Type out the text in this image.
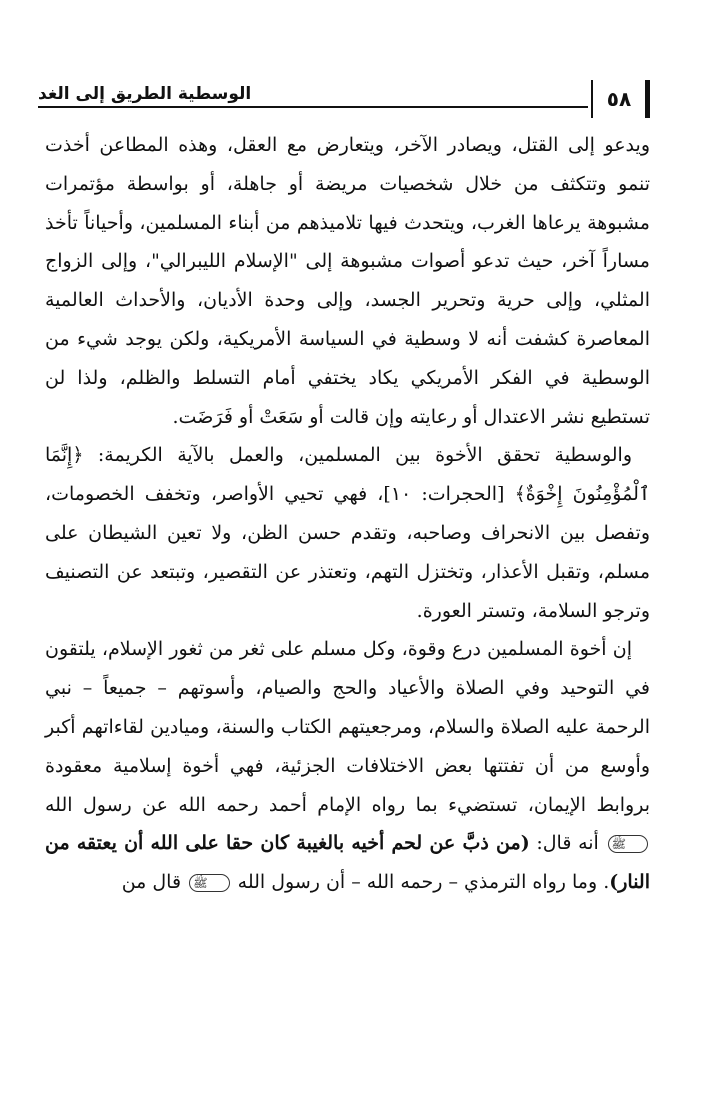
٥٨
الوسطية الطريق إلى الغد

ويدعو إلى القتل، ويصادر الآخر، ويتعارض مع العقل، وهذه المطاعن أخذت تنمو وتتكثف من خلال شخصيات مريضة أو جاهلة، أو بواسطة مؤتمرات مشبوهة يرعاها الغرب، ويتحدث فيها تلاميذهم من أبناء المسلمين، وأحياناً تأخذ مساراً آخر، حيث تدعو أصوات مشبوهة إلى "الإسلام الليبرالي"، وإلى الزواج المثلي، وإلى حرية وتحرير الجسد، وإلى وحدة الأديان، والأحداث العالمية المعاصرة كشفت أنه لا وسطية في السياسة الأمريكية، ولكن يوجد شيء من الوسطية في الفكر الأمريكي يكاد يختفي أمام التسلط والظلم، ولذا لن تستطيع نشر الاعتدال أو رعايته وإن قالت أو سَعَتْ أو فَرَضَت.

والوسطية تحقق الأخوة بين المسلمين، والعمل بالآية الكريمة: ﴿إِنَّمَا ٱلْمُؤْمِنُونَ إِخْوَةٌ﴾ [الحجرات: ١٠]، فهي تحيي الأواصر، وتخفف الخصومات، وتفصل بين الانحراف وصاحبه، وتقدم حسن الظن، ولا تعين الشيطان على مسلم، وتقبل الأعذار، وتختزل التهم، وتعتذر عن التقصير، وتبتعد عن التصنيف وترجو السلامة، وتستر العورة.

إن أخوة المسلمين درع وقوة، وكل مسلم على ثغر من ثغور الإسلام، يلتقون في التوحيد وفي الصلاة والأعياد والحج والصيام، وأسوتهم – جميعاً – نبي الرحمة عليه الصلاة والسلام، ومرجعيتهم الكتاب والسنة، وميادين لقاءاتهم أكبر وأوسع من أن تفتتها بعض الاختلافات الجزئية، فهي أخوة إسلامية معقودة بروابط الإيمان، تستضيء بما رواه الإمام أحمد رحمه الله عن رسول الله ﷺ أنه قال: (من ذبَّ عن لحم أخيه بالغيبة كان حقا على الله أن يعتقه من النار). وما رواه الترمذي – رحمه الله – أن رسول الله ﷺ قال من
